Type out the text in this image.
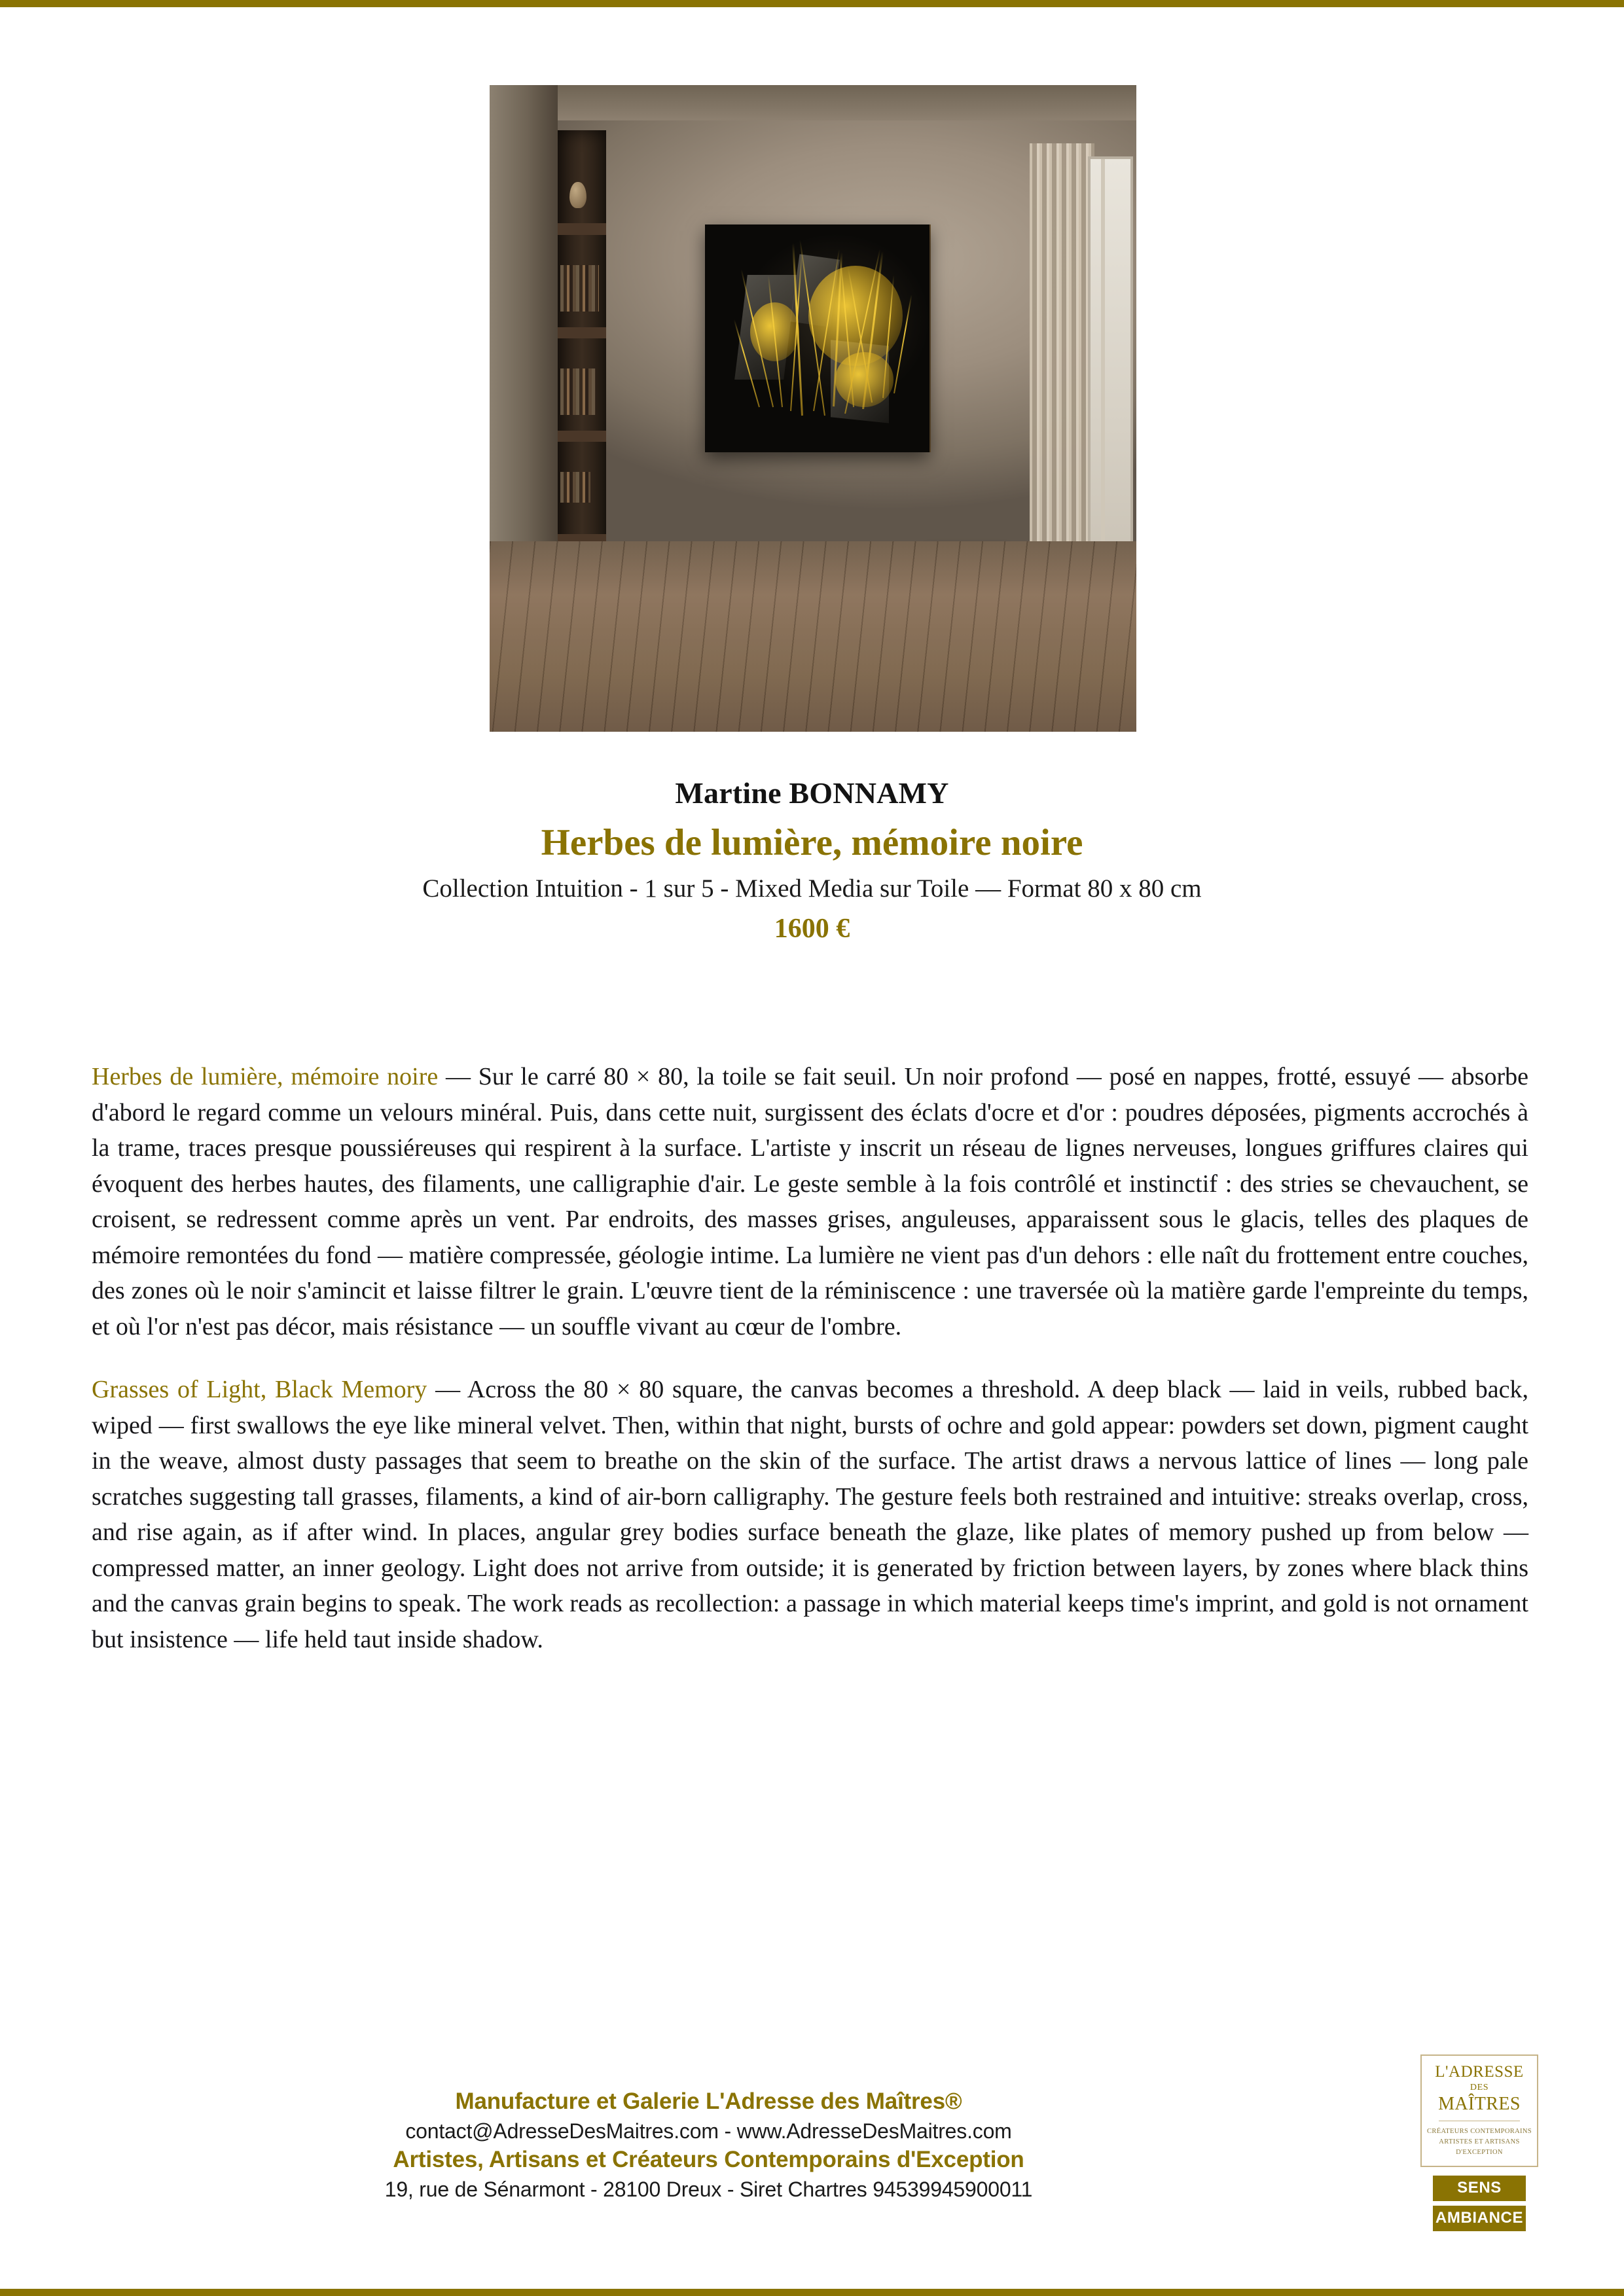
Martine BONNAMY
Herbes de lumière, mémoire noire
Collection Intuition - 1 sur 5 - Mixed Media sur Toile — Format 80 x 80 cm
1600 €

Herbes de lumière, mémoire noire — Sur le carré 80 × 80, la toile se fait seuil. Un noir profond — posé en nappes, frotté, essuyé — absorbe d'abord le regard comme un velours minéral. Puis, dans cette nuit, surgissent des éclats d'ocre et d'or : poudres déposées, pigments accrochés à la trame, traces presque poussiéreuses qui respirent à la surface. L'artiste y inscrit un réseau de lignes nerveuses, longues griffures claires qui évoquent des herbes hautes, des filaments, une calligraphie d'air. Le geste semble à la fois contrôlé et instinctif : des stries se chevauchent, se croisent, se redressent comme après un vent. Par endroits, des masses grises, anguleuses, apparaissent sous le glacis, telles des plaques de mémoire remontées du fond — matière compressée, géologie intime. La lumière ne vient pas d'un dehors : elle naît du frottement entre couches, des zones où le noir s'amincit et laisse filtrer le grain. L'œuvre tient de la réminiscence : une traversée où la matière garde l'empreinte du temps, et où l'or n'est pas décor, mais résistance — un souffle vivant au cœur de l'ombre.

Grasses of Light, Black Memory — Across the 80 × 80 square, the canvas becomes a threshold. A deep black — laid in veils, rubbed back, wiped — first swallows the eye like mineral velvet. Then, within that night, bursts of ochre and gold appear: powders set down, pigment caught in the weave, almost dusty passages that seem to breathe on the skin of the surface. The artist draws a nervous lattice of lines — long pale scratches suggesting tall grasses, filaments, a kind of air-born calligraphy. The gesture feels both restrained and intuitive: streaks overlap, cross, and rise again, as if after wind. In places, angular grey bodies surface beneath the glaze, like plates of memory pushed up from below — compressed matter, an inner geology. Light does not arrive from outside; it is generated by friction between layers, by zones where black thins and the canvas grain begins to speak. The work reads as recollection: a passage in which material keeps time's imprint, and gold is not ornament but insistence — life held taut inside shadow.

Manufacture et Galerie L'Adresse des Maîtres®
contact@AdresseDesMaitres.com - www.AdresseDesMaitres.com
Artistes, Artisans et Créateurs Contemporains d'Exception
19, rue de Sénarmont - 28100 Dreux - Siret Chartres 94539945900011
L'ADRESSE
DES
MAÎTRES
CRÉATEURS CONTEMPORAINS
ARTISTES ET ARTISANS
D'EXCEPTION
SENS
AMBIANCE
